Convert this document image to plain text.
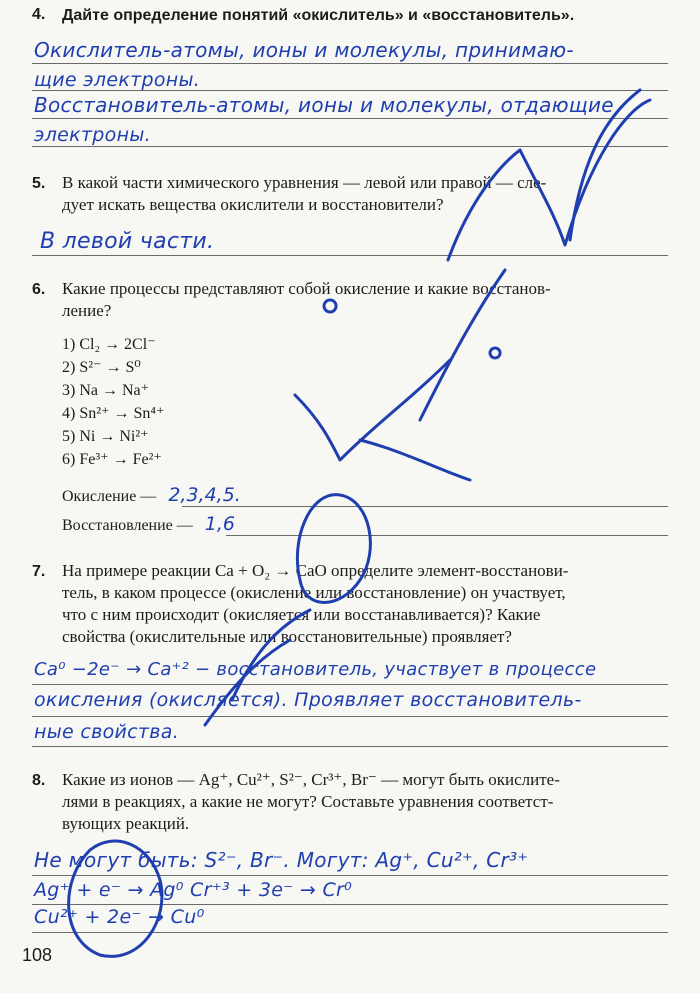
4. Дайте определение понятий «окислитель» и «восстановитель».
Окислитель-атомы, ионы и молекулы, принимаю-
щие электроны.
Восстановитель-атомы, ионы и молекулы, отдающие
электроны.
5. В какой части химического уравнения — левой или правой — сле-
дует искать вещества окислители и восстановители?
В левой части.
6. Какие процессы представляют собой окисление и какие восстанов-
ление?
1) Cl₂ → 2Cl⁻
2) S²⁻ → S⁰
3) Na → Na⁺
4) Sn²⁺ → Sn⁴⁺
5) Ni → Ni²⁺
6) Fe³⁺ → Fe²⁺
Окисление — 2,3,4,5.
Восстановление — 1,6
7. На примере реакции Ca + O₂ → CaO определите элемент-восстанови-
тель, в каком процессе (окисление или восстановление) он участвует,
что с ним происходит (окисляется или восстанавливается)? Какие
свойства (окислительные или восстановительные) проявляет?
Ca⁰ −2e⁻ → Ca⁺² − восстановитель, участвует в процессе
окисления (окисляется). Проявляет восстановитель-
ные свойства.
8. Какие из ионов — Ag⁺, Cu²⁺, S²⁻, Cr³⁺, Br⁻ — могут быть окислите-
лями в реакциях, а какие не могут? Составьте уравнения соответст-
вующих реакций.
Не могут быть: S²⁻, Br⁻. Могут: Ag⁺, Cu²⁺, Cr³⁺
Ag⁺ + e⁻ → Ag⁰ Cr⁺³ + 3e⁻ → Cr⁰
Cu²⁺ + 2e⁻ → Cu⁰
108
